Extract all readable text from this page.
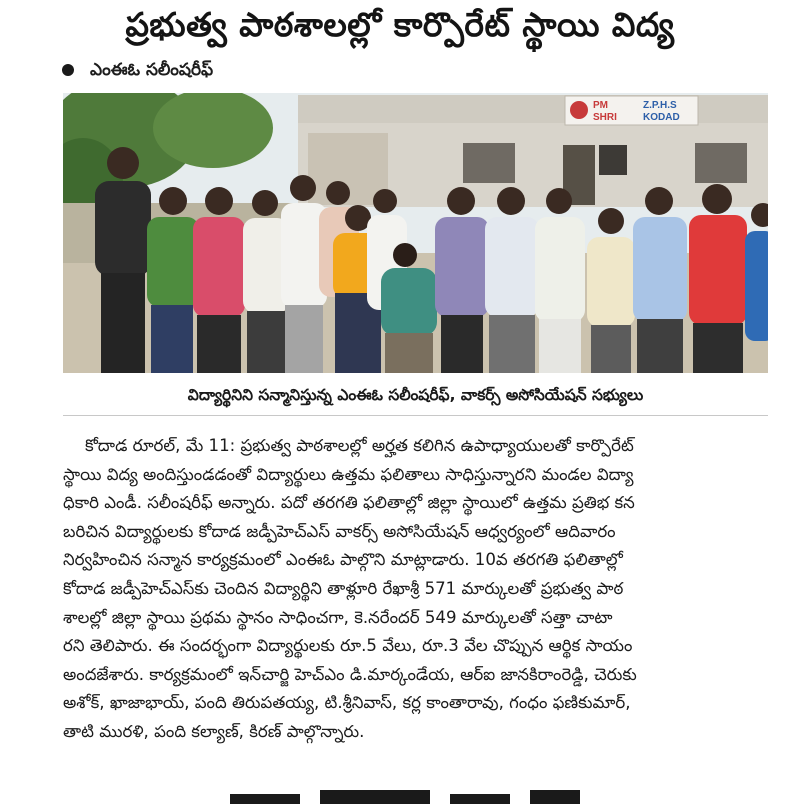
ప్రభుత్వ పాఠశాలల్లో కార్పొరేట్ స్థాయి విద్య
ఎంఈఓ సలీంషరీఫ్
PM
SHRI
Z.P.H.S
KODAD
విద్యార్థినిని సన్మానిస్తున్న ఎంఈఓ సలీంషరీఫ్, వాకర్స్ అసోసియేషన్ సభ్యులు
కోదాడ రూరల్, మే 11: ప్రభుత్వ పాఠశాలల్లో అర్హత కలిగిన ఉపాధ్యాయులతో కార్పొరేట్
స్థాయి విద్య అందిస్తుండడంతో విద్యార్థులు ఉత్తమ ఫలితాలు సాధిస్తున్నారని మండల విద్యా
ధికారి ఎండీ. సలీంషరీఫ్ అన్నారు. పదో తరగతి ఫలితాల్లో జిల్లా స్థాయిలో ఉత్తమ ప్రతిభ కన
బరిచిన విద్యార్థులకు కోదాడ జడ్పీహెచ్ఎస్ వాకర్స్ అసోసియేషన్ ఆధ్వర్యంలో ఆదివారం
నిర్వహించిన సన్మాన కార్యక్రమంలో ఎంఈఓ పాల్గొని మాట్లాడారు. 10వ తరగతి ఫలితాల్లో
కోదాడ జడ్పీహెచ్ఎస్‌కు చెందిన విద్యార్థిని తాళ్లూరి రేఖాశ్రీ 571 మార్కులతో ప్రభుత్వ పాఠ
శాలల్లో జిల్లా స్థాయి ప్రథమ స్థానం సాధించగా, కె.నరేందర్ 549 మార్కులతో సత్తా చాటా
రని తెలిపారు. ఈ సందర్భంగా విద్యార్థులకు రూ.5 వేలు, రూ.3 వేల చొప్పున ఆర్థిక సాయం
అందజేశారు. కార్యక్రమంలో ఇన్‌చార్జి హెచ్ఎం డి.మార్కండేయ, ఆర్ఐ జానకిరాంరెడ్డి, చెరుకు
అశోక్, ఖాజాభాయ్, పంది తిరుపతయ్య, టి.శ్రీనివాస్, కర్ల కాంతారావు, గంధం ఫణికుమార్,
తాటి మురళి, పంది కల్యాణ్, కిరణ్ పాల్గొన్నారు.
